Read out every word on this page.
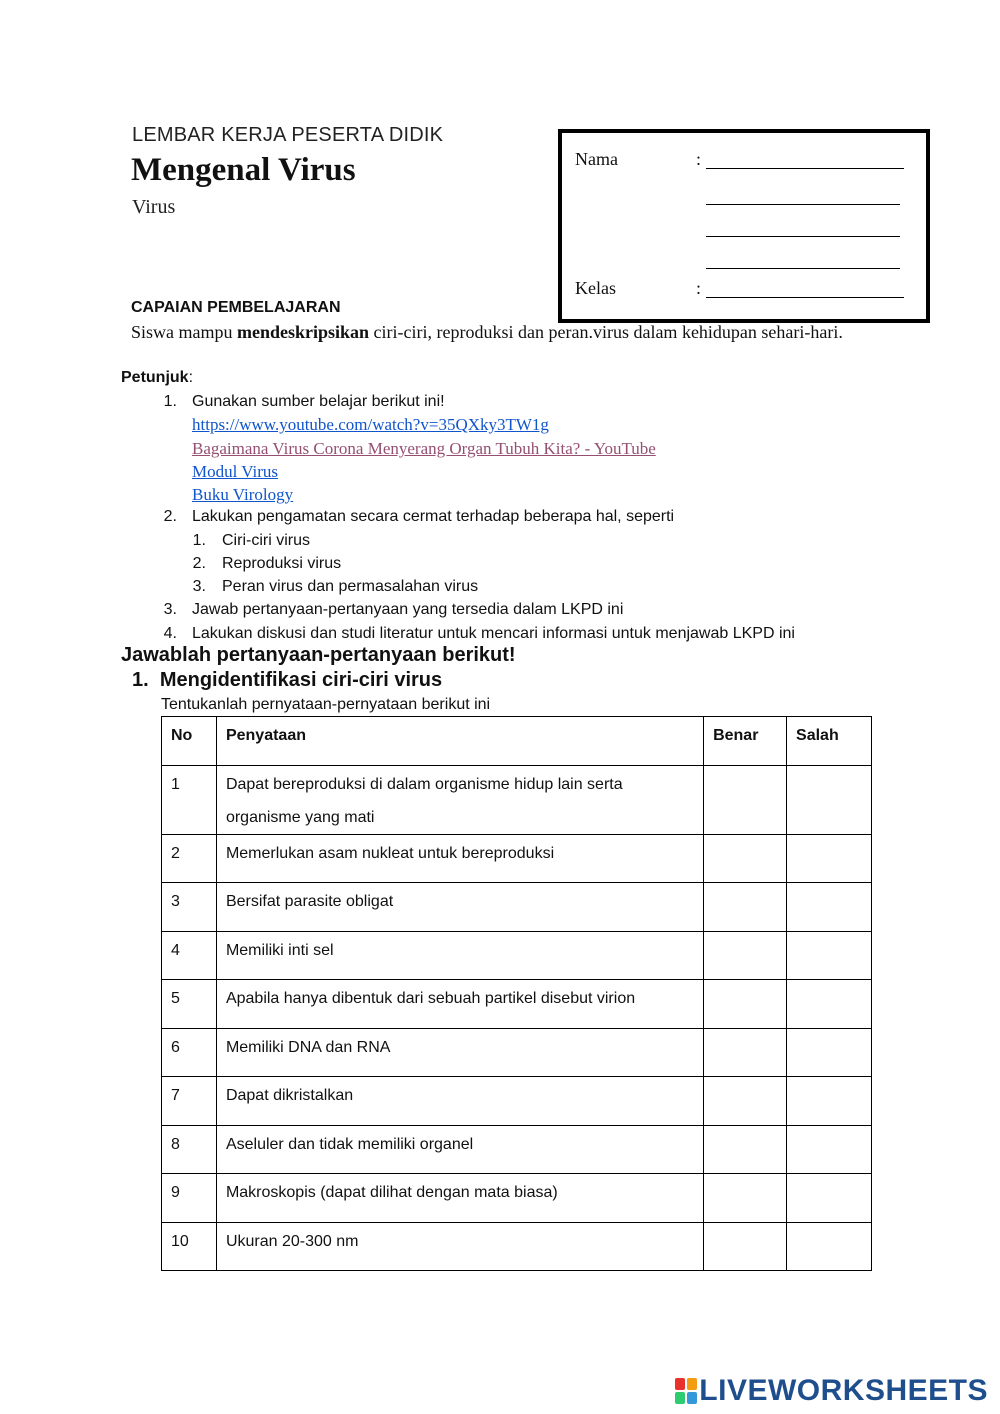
LEMBAR KERJA PESERTA DIDIK
Mengenal Virus
Virus
Nama	:
Kelas	:
CAPAIAN PEMBELAJARAN
Siswa mampu mendeskripsikan ciri-ciri, reproduksi dan peran.virus dalam kehidupan sehari-hari.
Petunjuk:
1. Gunakan sumber belajar berikut ini!
https://www.youtube.com/watch?v=35QXky3TW1g
Bagaimana Virus Corona Menyerang Organ Tubuh Kita? - YouTube
Modul Virus
Buku Virology
2. Lakukan pengamatan secara cermat terhadap beberapa hal, seperti
1. Ciri-ciri virus
2. Reproduksi virus
3. Peran virus dan permasalahan virus
3. Jawab pertanyaan-pertanyaan yang tersedia dalam LKPD ini
4. Lakukan diskusi dan studi literatur untuk mencari informasi untuk menjawab LKPD ini
Jawablah pertanyaan-pertanyaan berikut!
1. Mengidentifikasi ciri-ciri virus
Tentukanlah pernyataan-pernyataan berikut ini
No	Penyataan	Benar	Salah

1	Dapat bereproduksi di dalam organisme hidup lain serta organisme yang mati		

2	Memerlukan asam nukleat untuk bereproduksi		

3	Bersifat parasite obligat		

4	Memiliki inti sel		

5	Apabila hanya dibentuk dari sebuah partikel disebut virion		

6	Memiliki DNA dan RNA		

7	Dapat dikristalkan		

8	Aseluler dan tidak memiliki organel		

9	Makroskopis (dapat dilihat dengan mata biasa)		

10	Ukuran 20-300 nm		

LIVEWORKSHEETS
